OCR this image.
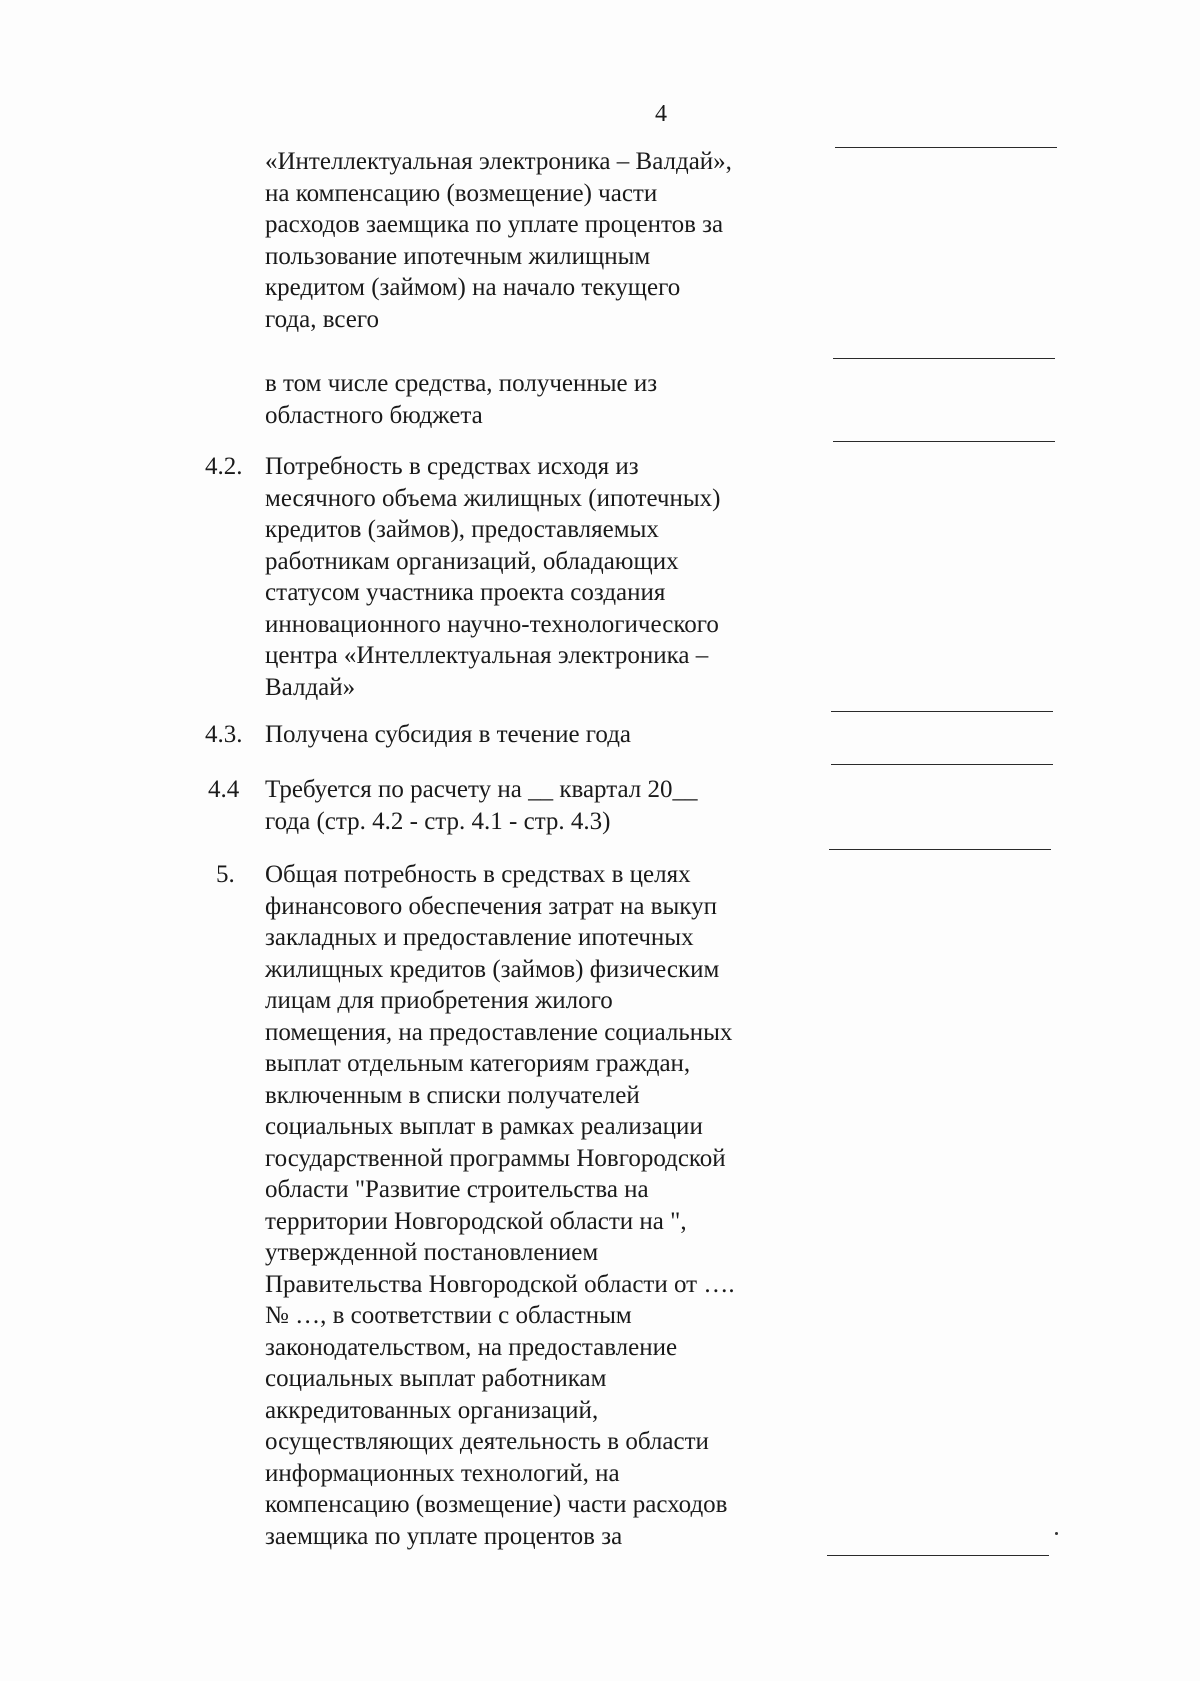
4
«Интеллектуальная электроника – Валдай»,
на компенсацию (возмещение) части
расходов заемщика по уплате процентов за
пользование ипотечным жилищным
кредитом (займом) на начало текущего
года, всего
в том числе средства, полученные из
областного бюджета
4.2. Потребность в средствах исходя из
месячного объема жилищных (ипотечных)
кредитов (займов), предоставляемых
работникам организаций, обладающих
статусом участника проекта создания
инновационного научно-технологического
центра «Интеллектуальная электроника –
Валдай»
4.3. Получена субсидия в течение года
4.4	Требуется по расчету на __ квартал 20__
года (стр. 4.2 - стр. 4.1 - стр. 4.3)
5.	Общая потребность в средствах в целях
финансового обеспечения затрат на выкуп
закладных и предоставление ипотечных
жилищных кредитов (займов) физическим
лицам для приобретения жилого
помещения, на предоставление социальных
выплат отдельным категориям граждан,
включенным в списки получателей
социальных выплат в рамках реализации
государственной программы Новгородской
области "Развитие строительства на
территории Новгородской области на ",
утвержденной постановлением
Правительства Новгородской области от ….
№ …, в соответствии с областным
законодательством, на предоставление
социальных выплат работникам
аккредитованных организаций,
осуществляющих деятельность в области
информационных технологий, на
компенсацию (возмещение) части расходов
заемщика по уплате процентов за
